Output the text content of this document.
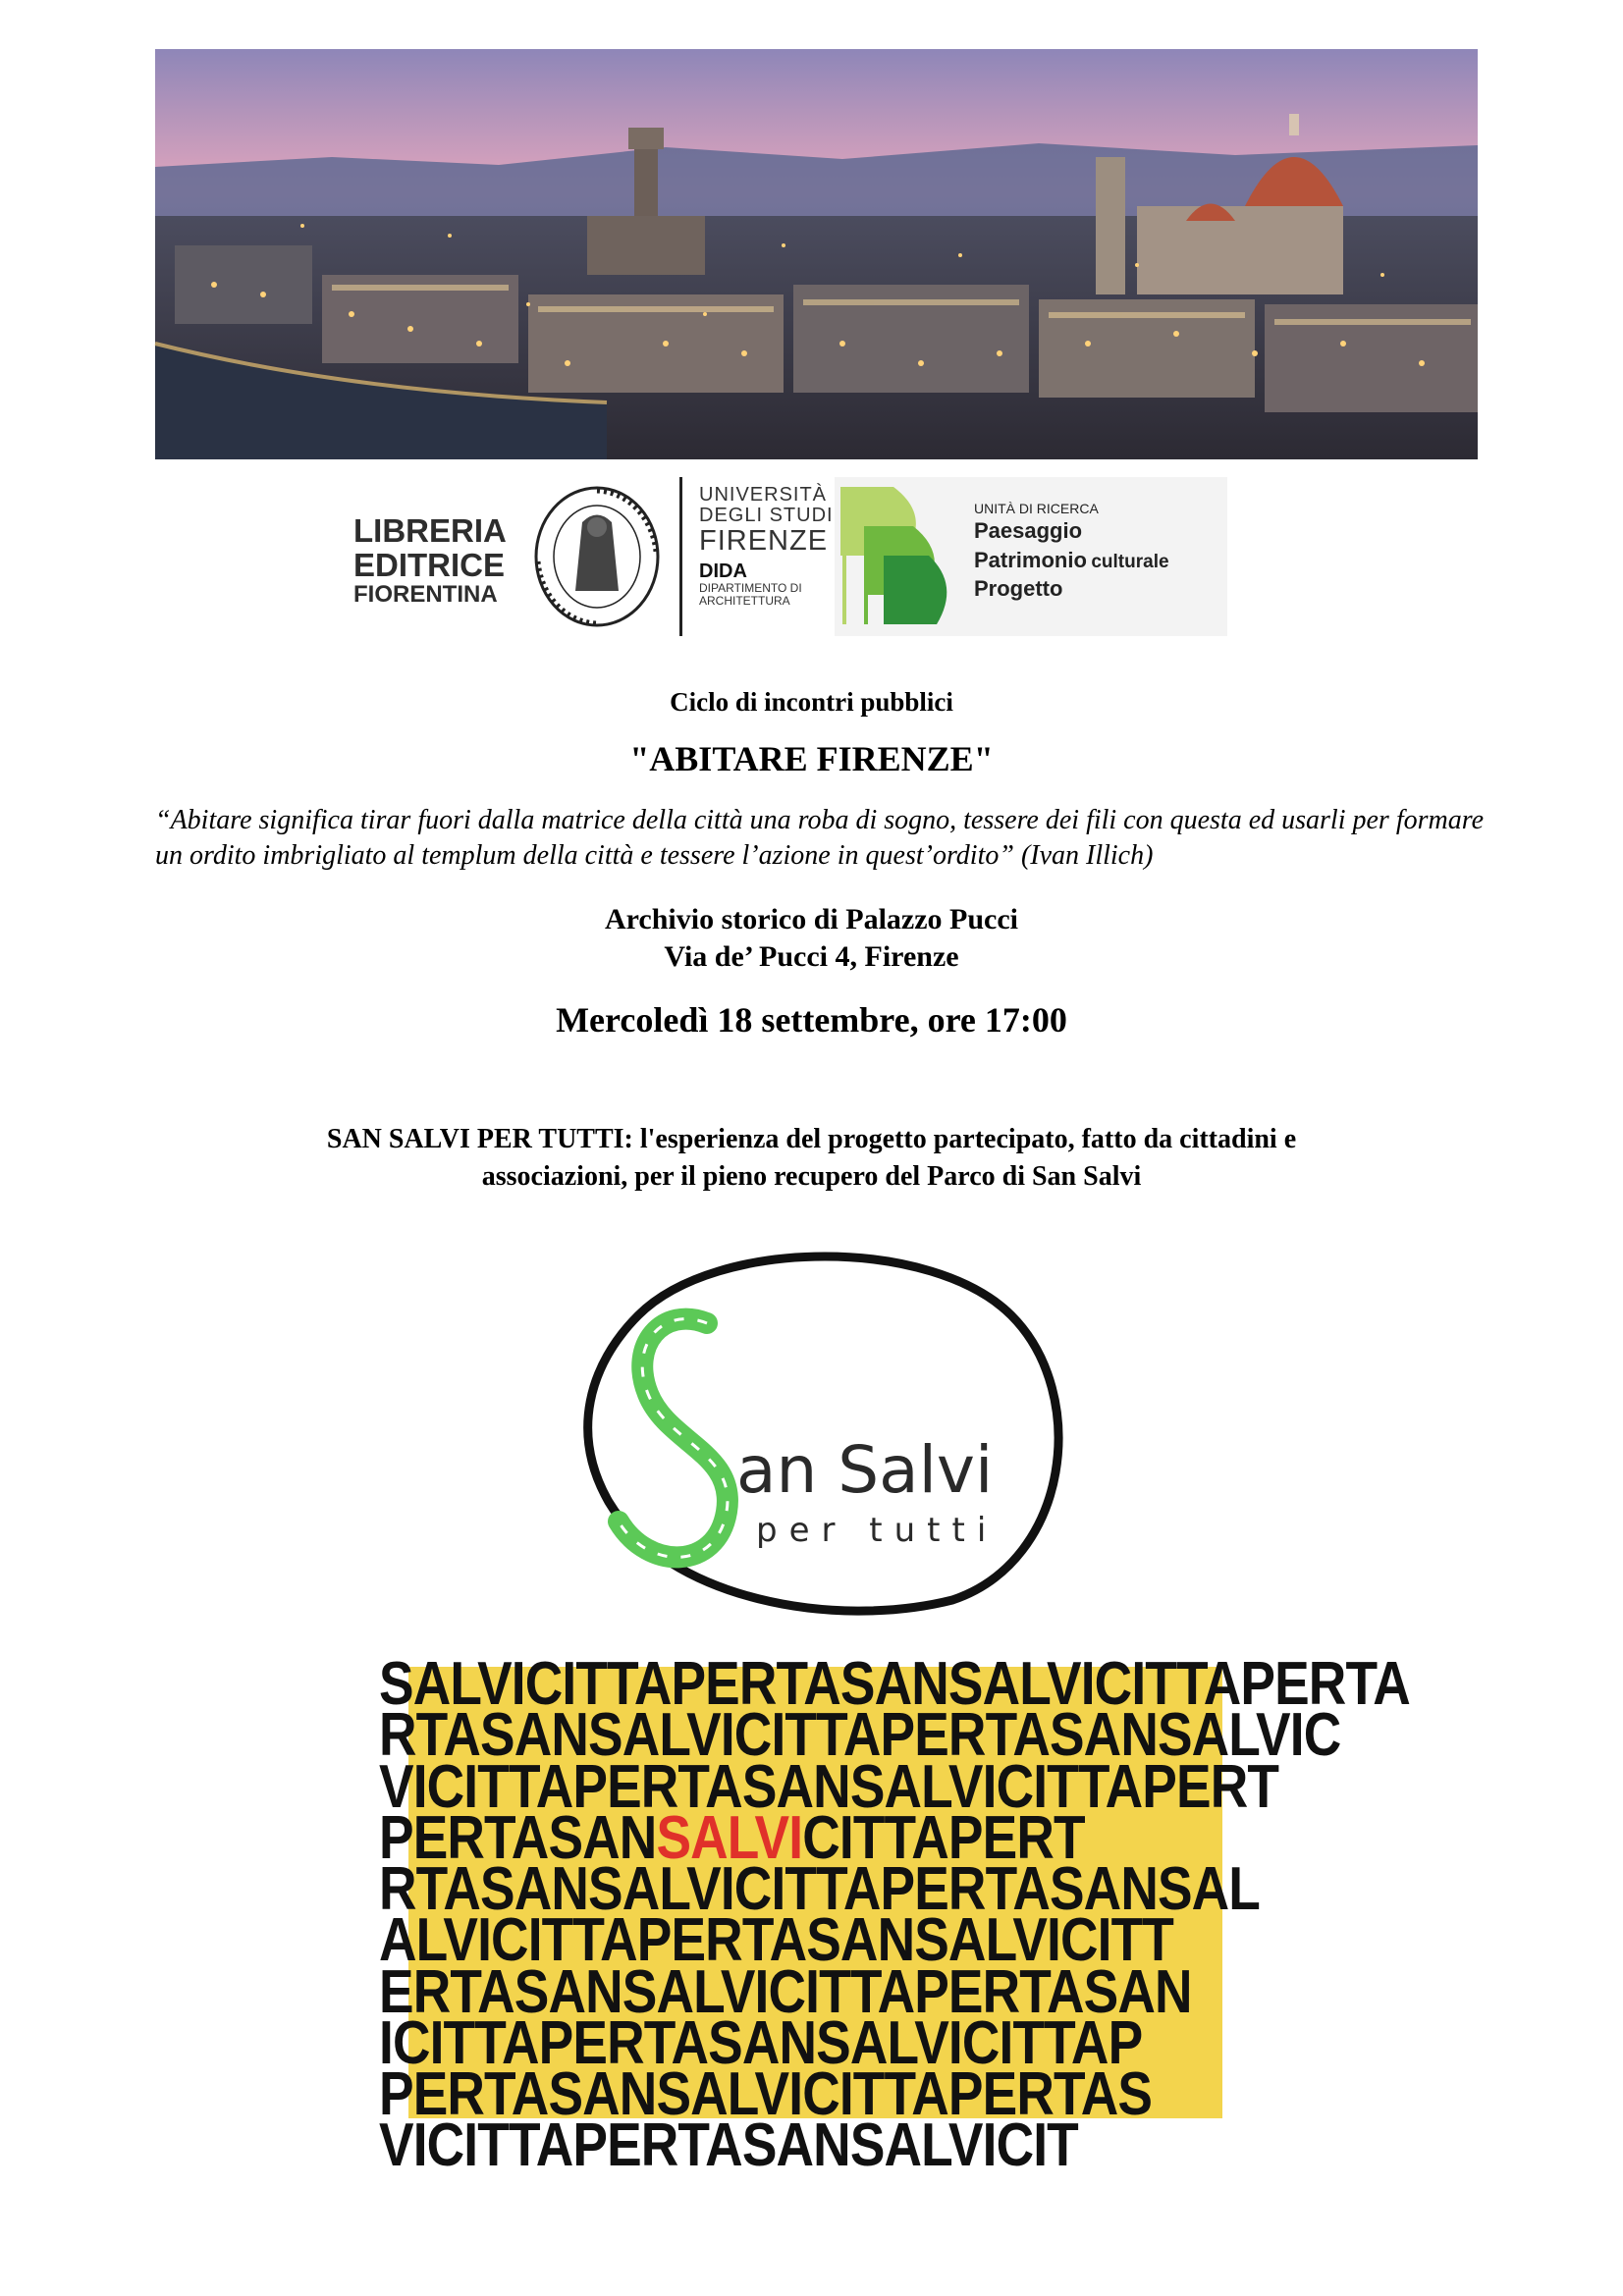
LIBRERIA
EDITRICE
FIORENTINA
UNIVERSITÀ
DEGLI STUDI
FIRENZE
DIDA
DIPARTIMENTO DI
ARCHITETTURA
UNITÀ DI RICERCA
Paesaggio
Patrimonio culturale
Progetto
Ciclo di incontri pubblici
"ABITARE FIRENZE"
“Abitare significa tirar fuori dalla matrice della città una roba di sogno, tessere dei fili con questa ed usarli per formare un ordito imbrigliato al templum della città e tessere l’azione in quest’ordito” (Ivan Illich)
Archivio storico di Palazzo Pucci
Via de’ Pucci 4, Firenze
Mercoledì 18 settembre, ore 17:00
SAN SALVI PER TUTTI: l'esperienza del progetto partecipato, fatto da cittadini e
associazioni, per il pieno recupero del Parco di San Salvi
an Salvi
per tutti
SALVICITTAPERTASANSALVICITTAPERTA
RTASANSALVICITTAPERTASANSALVIC
VICITTAPERTASANSALVICITTAPERT
PERTASANSALVICITTAPERT
RTASANSALVICITTAPERTASANSAL
ALVICITTAPERTASANSALVICITT
ERTASANSALVICITTAPERTASAN
ICITTAPERTASANSALVICITTAP
PERTASANSALVICITTAPERTAS
VICITTAPERTASANSALVICIT
